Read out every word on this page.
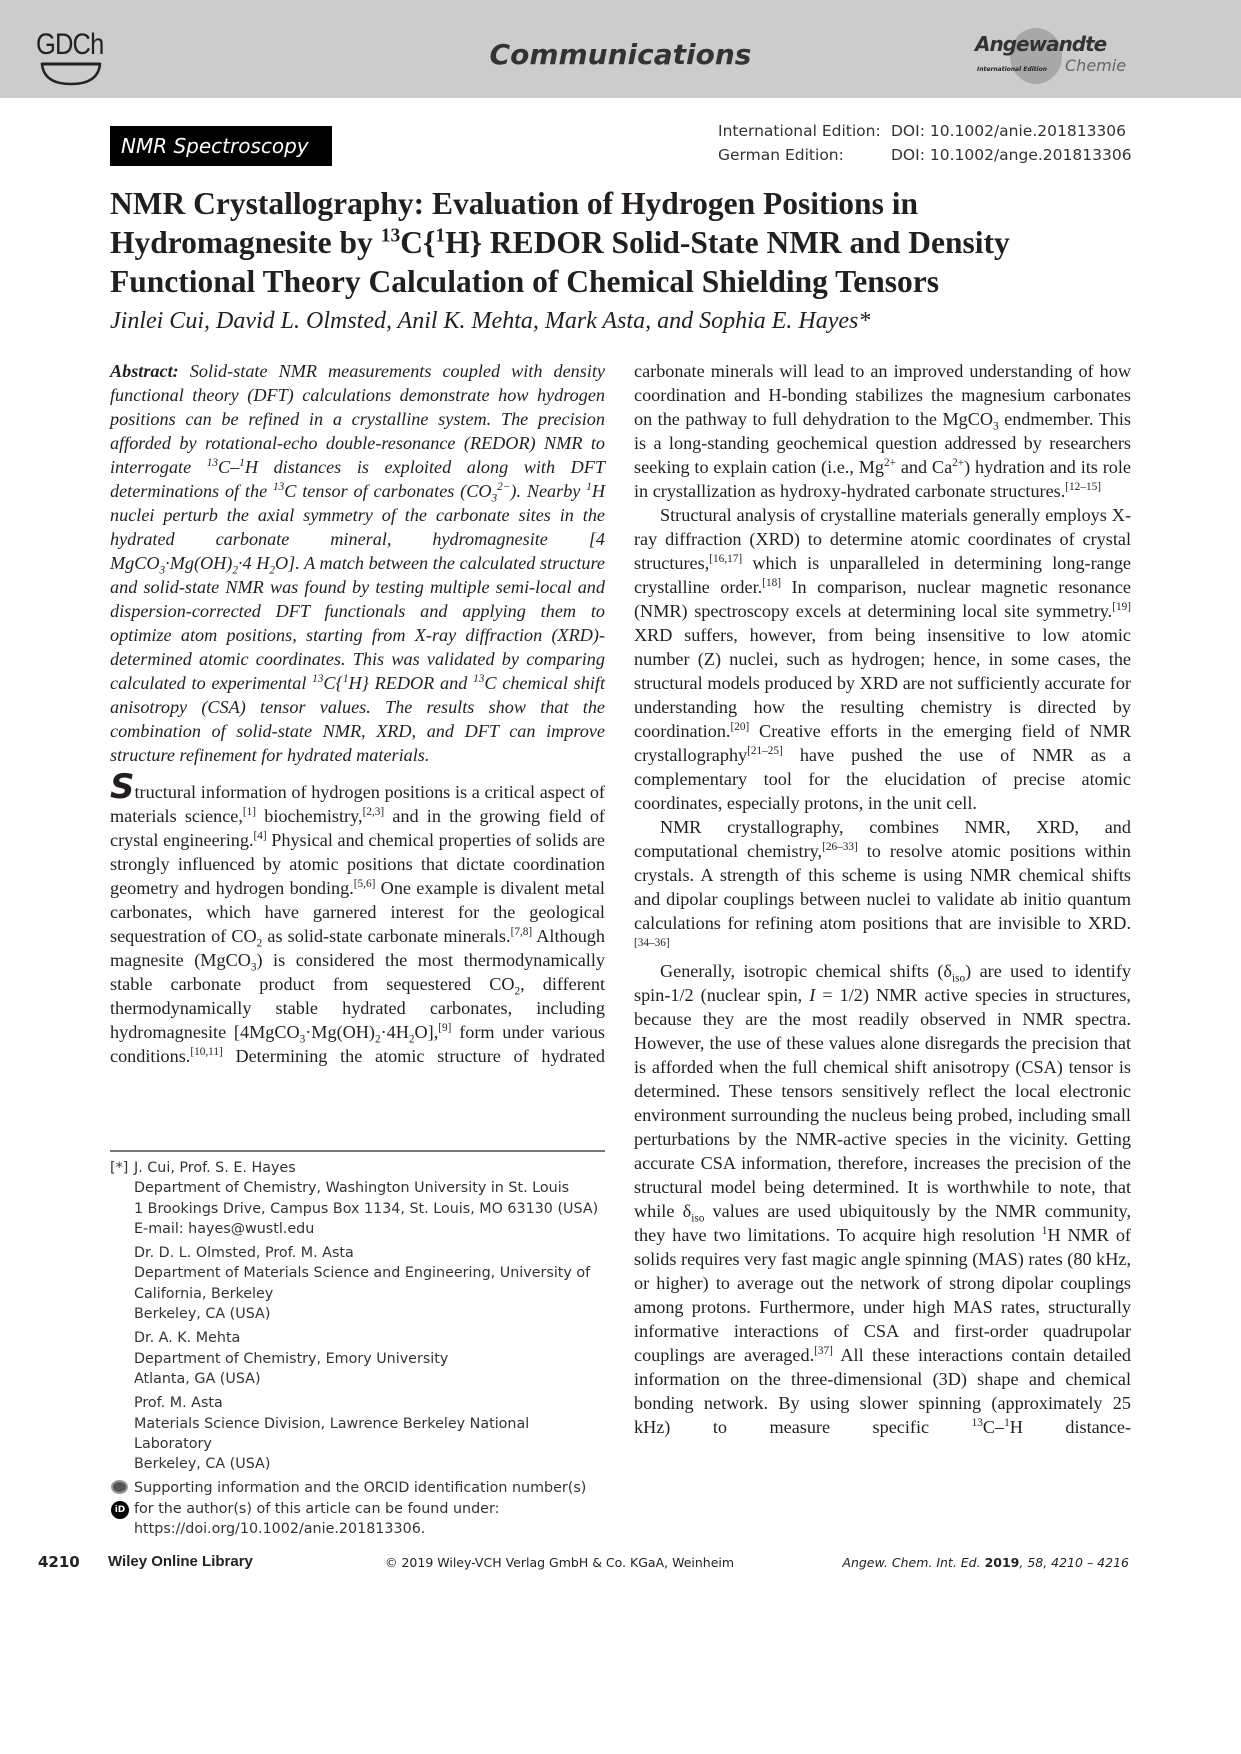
GDCh	Communications	Angewandte
International Edition Chemie
NMR Spectroscopy
International Edition: DOI: 10.1002/anie.201813306
German Edition:	DOI: 10.1002/ange.201813306
NMR Crystallography: Evaluation of Hydrogen Positions in Hydromagnesite by $^{13}$C{$^1$H} REDOR Solid-State NMR and Density Functional Theory Calculation of Chemical Shielding Tensors
Jinlei Cui, David L. Olmsted, Anil K. Mehta, Mark Asta, and Sophia E. Hayes*

Abstract: Solid-state NMR measurements coupled with density functional theory (DFT) calculations demonstrate how hydrogen positions can be refined in a crystalline system. The precision afforded by rotational-echo double-resonance (REDOR) NMR to interrogate $^{13}$C–$^1$H distances is exploited along with DFT determinations of the $^{13}$C tensor of carbonates $(CO_3^{2-})$. Nearby $^1$H nuclei perturb the axial symmetry of the carbonate sites in the hydrated carbonate mineral, hydromagnesite [4 $MgCO_3\cdot Mg(OH)_2\cdot 4$ $H_2O$]. A match between the calculated structure and solid-state NMR was found by testing multiple semi-local and dispersion-corrected DFT functionals and applying them to optimize atom positions, starting from X-ray diffraction (XRD)-determined atomic coordinates. This was validated by comparing calculated to experimental $^{13}$C{$^1$H} REDOR and $^{13}$C chemical shift anisotropy (CSA) tensor values. The results show that the combination of solid-state NMR, XRD, and DFT can improve structure refinement for hydrated materials.

Structural information of hydrogen positions is a critical aspect of materials science,[1] biochemistry,[2,3] and in the growing field of crystal engineering.[4] Physical and chemical properties of solids are strongly influenced by atomic positions that dictate coordination geometry and hydrogen bonding.[5,6] One example is divalent metal carbonates, which have garnered interest for the geological sequestration of $CO_2$ as solid-state carbonate minerals.[7,8] Although magnesite (MgCO$_3$) is considered the most thermodynamically stable carbonate product from sequestered $CO_2$, different thermodynamically stable hydrated carbonates, including hydromagnesite $[4MgCO_3\cdot Mg(OH)_2\cdot 4H_2O],[9]$ form under various conditions.[10,11] Determining the atomic structure of hydrated

[*] J. Cui, Prof. S. E. Hayes
Department of Chemistry, Washington University in St. Louis
1 Brookings Drive, Campus Box 1134, St. Louis, MO 63130 (USA)
E-mail: hayes@wustl.edu
Dr. D. L. Olmsted, Prof. M. Asta
Department of Materials Science and Engineering, University of California, Berkeley
Berkeley, CA (USA)
Dr. A. K. Mehta
Department of Chemistry, Emory University
Atlanta, GA (USA)
Prof. M. Asta
Materials Science Division, Lawrence Berkeley National Laboratory
Berkeley, CA (USA)
iD
Supporting information and the ORCID identification number(s) for the author(s) of this article can be found under:
https://doi.org/10.1002/anie.201813306.

carbonate minerals will lead to an improved understanding of how coordination and H-bonding stabilizes the magnesium carbonates on the pathway to full dehydration to the MgCO$_3$ endmember. This is a long-standing geochemical question addressed by researchers seeking to explain cation (i.e., $Mg^{2+}$ and $Ca^{2+}$) hydration and its role in crystallization as hydroxy-hydrated carbonate structures.[12–15]

Structural analysis of crystalline materials generally employs X-ray diffraction (XRD) to determine atomic coordinates of crystal structures,[16,17] which is unparalleled in determining long-range crystalline order.[18] In comparison, nuclear magnetic resonance (NMR) spectroscopy excels at determining local site symmetry.[19] XRD suffers, however, from being insensitive to low atomic number (Z) nuclei, such as hydrogen; hence, in some cases, the structural models produced by XRD are not sufficiently accurate for understanding how the resulting chemistry is directed by coordination.[20] Creative efforts in the emerging field of NMR crystallography[21–25] have pushed the use of NMR as a complementary tool for the elucidation of precise atomic coordinates, especially protons, in the unit cell.

NMR crystallography, combines NMR, XRD, and computational chemistry,[26–33] to resolve atomic positions within crystals. A strength of this scheme is using NMR chemical shifts and dipolar couplings between nuclei to validate ab initio quantum calculations for refining atom positions that are invisible to XRD.[34–36]

Generally, isotropic chemical shifts $(\delta_{iso})$ are used to identify spin-1/2 (nuclear spin, I = 1/2) NMR active species in structures, because they are the most readily observed in NMR spectra. However, the use of these values alone disregards the precision that is afforded when the full chemical shift anisotropy (CSA) tensor is determined. These tensors sensitively reflect the local electronic environment surrounding the nucleus being probed, including small perturbations by the NMR-active species in the vicinity. Getting accurate CSA information, therefore, increases the precision of the structural model being determined. It is worthwhile to note, that while $\delta_{iso}$ values are used ubiquitously by the NMR community, they have two limitations. To acquire high resolution $^1$H NMR of solids requires very fast magic angle spinning (MAS) rates (80 kHz, or higher) to average out the network of strong dipolar couplings among protons. Furthermore, under high MAS rates, structurally informative interactions of CSA and first-order quadrupolar couplings are averaged.[37] All these interactions contain detailed information on the three-dimensional (3D) shape and chemical bonding network. By using slower spinning (approximately 25 kHz) to measure specific $^{13}$C–$^1$H distance-

4210 Wiley Online Library	© 2019 Wiley-VCH Verlag GmbH & Co. KGaA, Weinheim	Angew. Chem. Int. Ed. 2019, 58, 4210 – 4216
